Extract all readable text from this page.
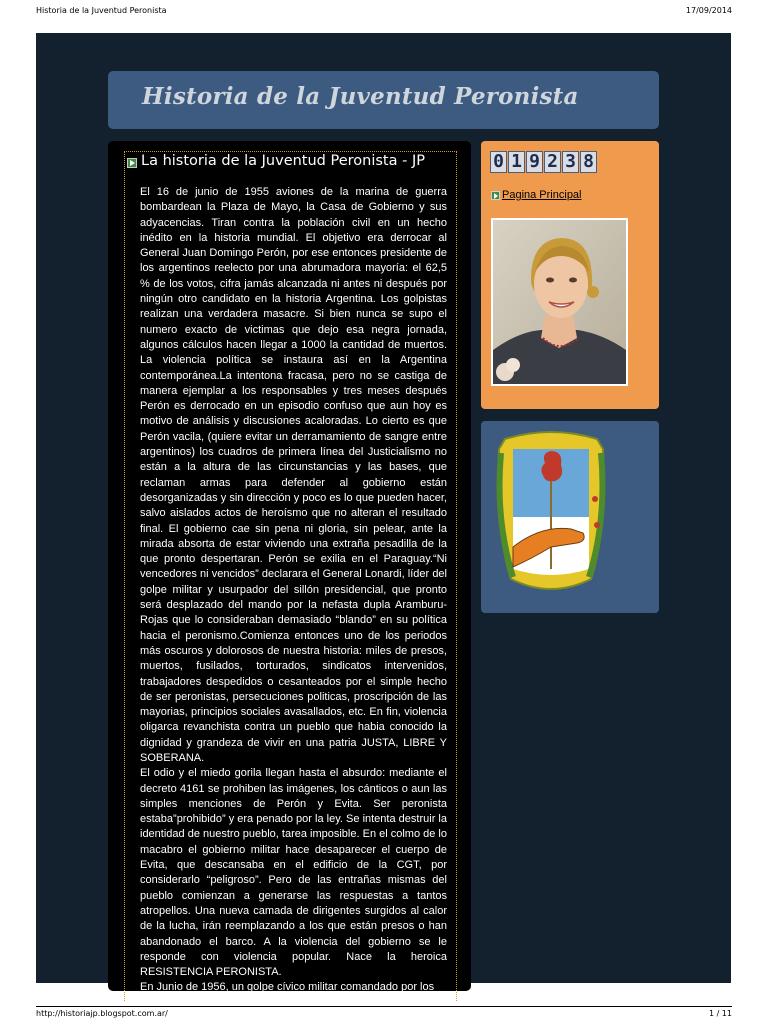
Historia de la Juventud Peronista	17/09/2014
Historia de la Juventud Peronista
La historia de la Juventud Peronista - JP

El 16 de junio de 1955 aviones de la marina de guerra bombardean la Plaza de Mayo, la Casa de Gobierno y sus adyacencias. Tiran contra la población civil en un hecho inédito en la historia mundial. El objetivo era derrocar al General Juan Domingo Perón, por ese entonces presidente de los argentinos reelecto por una abrumadora mayoría: el 62,5 % de los votos, cifra jamás alcanzada ni antes ni después por ningún otro candidato en la historia Argentina. Los golpistas realizan una verdadera masacre. Si bien nunca se supo el numero exacto de victimas que dejo esa negra jornada, algunos cálculos hacen llegar a 1000 la cantidad de muertos. La violencia política se instaura así en la Argentina contemporánea.La intentona fracasa, pero no se castiga de manera ejemplar a los responsables y tres meses después Perón es derrocado en un episodio confuso que aun hoy es motivo de análisis y discusiones acaloradas. Lo cierto es que Perón vacila, (quiere evitar un derramamiento de sangre entre argentinos) los cuadros de primera línea del Justicialismo no están a la altura de las circunstancias y las bases, que reclaman armas para defender al gobierno están desorganizadas y sin dirección y poco es lo que pueden hacer, salvo aislados actos de heroísmo que no alteran el resultado final. El gobierno cae sin pena ni gloria, sin pelear, ante la mirada absorta de estar viviendo una extraña pesadilla de la que pronto despertaran. Perón se exilia en el Paraguay.“Ni vencedores ni vencidos” declarara el General Lonardi, líder del golpe militar y usurpador del sillón presidencial, que pronto será desplazado del mando por la nefasta dupla Aramburu-Rojas que lo consideraban demasiado “blando” en su política hacia el peronismo.Comienza entonces uno de los periodos más oscuros y dolorosos de nuestra historia: miles de presos, muertos, fusilados, torturados, sindicatos intervenidos, trabajadores despedidos o cesanteados por el simple hecho de ser peronistas, persecuciones politicas, proscripción de las mayorias, principios sociales avasallados, etc. En fin, violencia oligarca revanchista contra un pueblo que habia conocido la dignidad y grandeza de vivir en una patria JUSTA, LIBRE Y SOBERANA.

El odio y el miedo gorila llegan hasta el absurdo: mediante el decreto 4161 se prohiben las imágenes, los cánticos o aun las simples menciones de Perón y Evita. Ser peronista estaba”prohibido” y era penado por la ley. Se intenta destruir la identidad de nuestro pueblo, tarea imposible. En el colmo de lo macabro el gobierno militar hace desaparecer el cuerpo de Evita, que descansaba en el edificio de la CGT, por considerarlo “peligroso”. Pero de las entrañas mismas del pueblo comienzan a generarse las respuestas a tantos atropellos. Una nueva camada de dirigentes surgidos al calor de la lucha, irán reemplazando a los que están presos o han abandonado el barco. A la violencia del gobierno se le responde con violencia popular. Nace la heroica RESISTENCIA PERONISTA.

En Junio de 1956, un golpe cívico militar comandado por los

0 1 9 2 3 8
Pagina Principal
http://historiajp.blogspot.com.ar/	1 / 11
